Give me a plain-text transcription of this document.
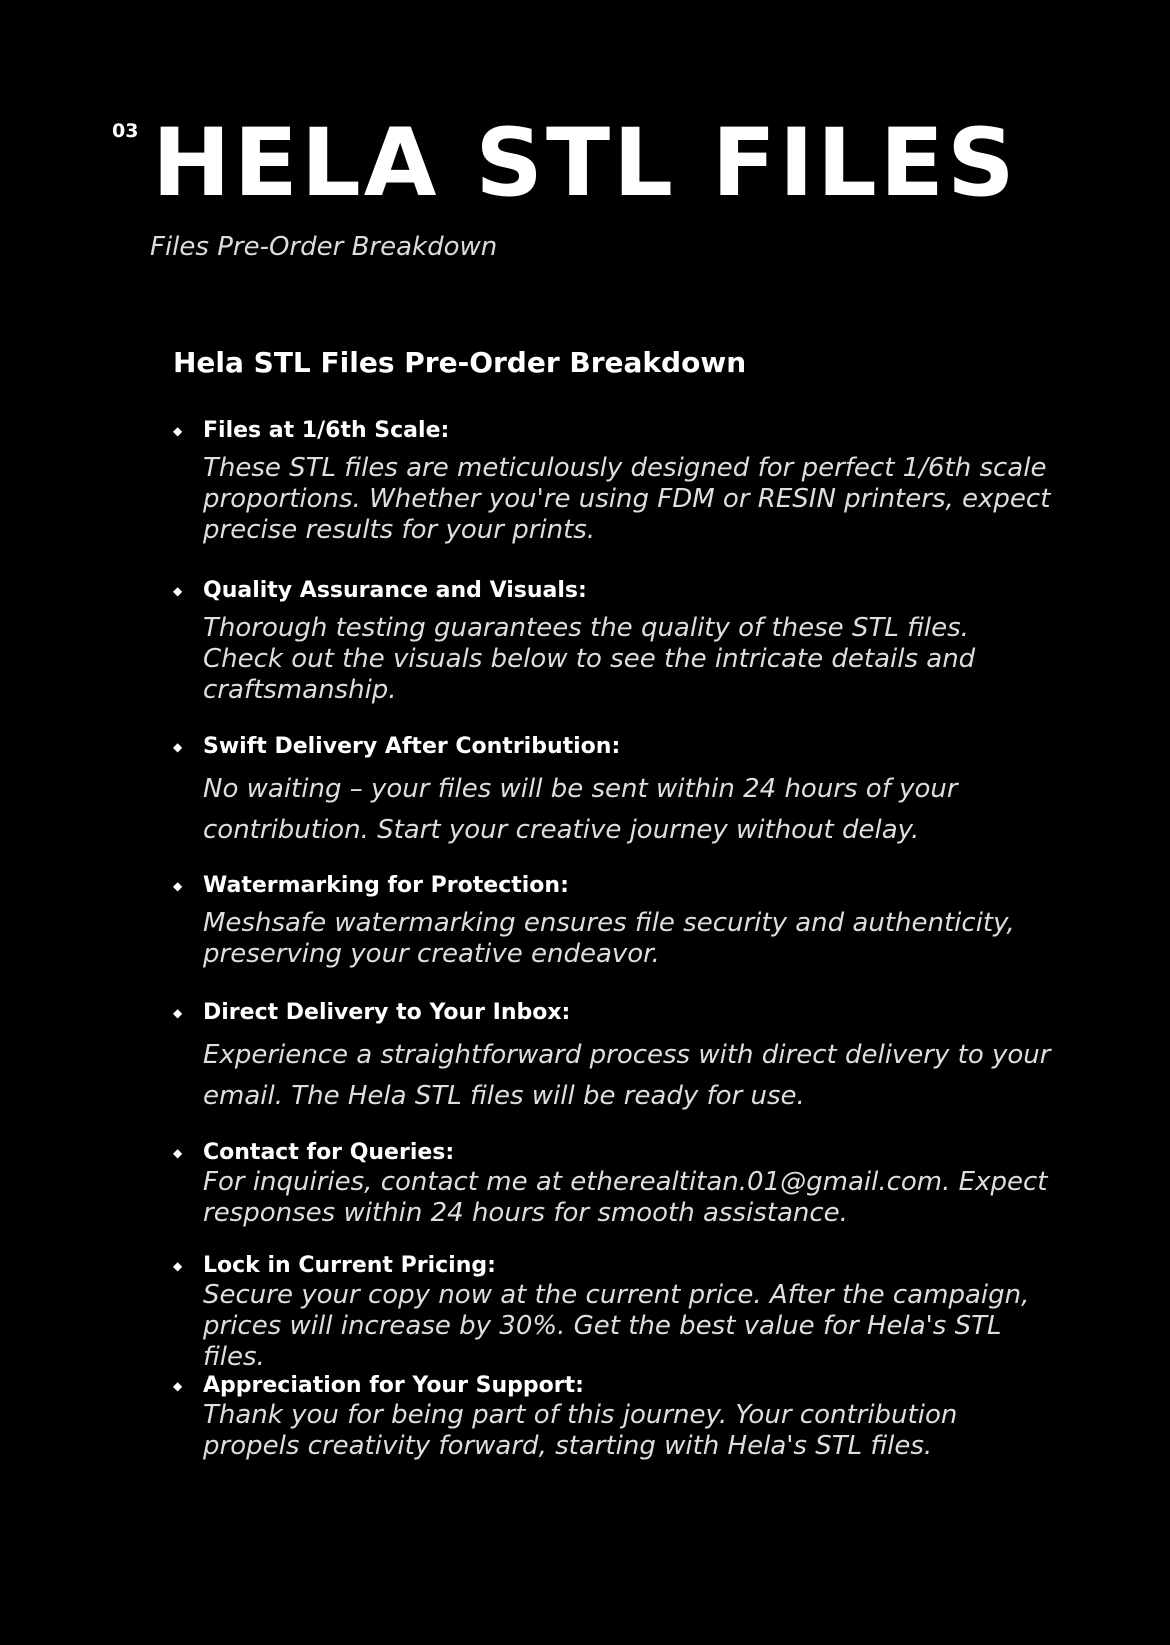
03 HELA STL FILES
Files Pre-Order Breakdown
Hela STL Files Pre-Order Breakdown
◆ Files at 1/6th Scale:
These STL files are meticulously designed for perfect 1/6th scale proportions. Whether you're using FDM or RESIN printers, expect precise results for your prints.
◆ Quality Assurance and Visuals:
Thorough testing guarantees the quality of these STL files. Check out the visuals below to see the intricate details and craftsmanship.
◆ Swift Delivery After Contribution:
No waiting – your files will be sent within 24 hours of your contribution. Start your creative journey without delay.
◆ Watermarking for Protection:
Meshsafe watermarking ensures file security and authenticity, preserving your creative endeavor.
◆ Direct Delivery to Your Inbox:
Experience a straightforward process with direct delivery to your email. The Hela STL files will be ready for use.
◆ Contact for Queries:
For inquiries, contact me at etherealtitan.01@gmail.com. Expect responses within 24 hours for smooth assistance.
◆ Lock in Current Pricing:
Secure your copy now at the current price. After the campaign, prices will increase by 30%. Get the best value for Hela's STL files.
◆ Appreciation for Your Support:
Thank you for being part of this journey. Your contribution propels creativity forward, starting with Hela's STL files.
